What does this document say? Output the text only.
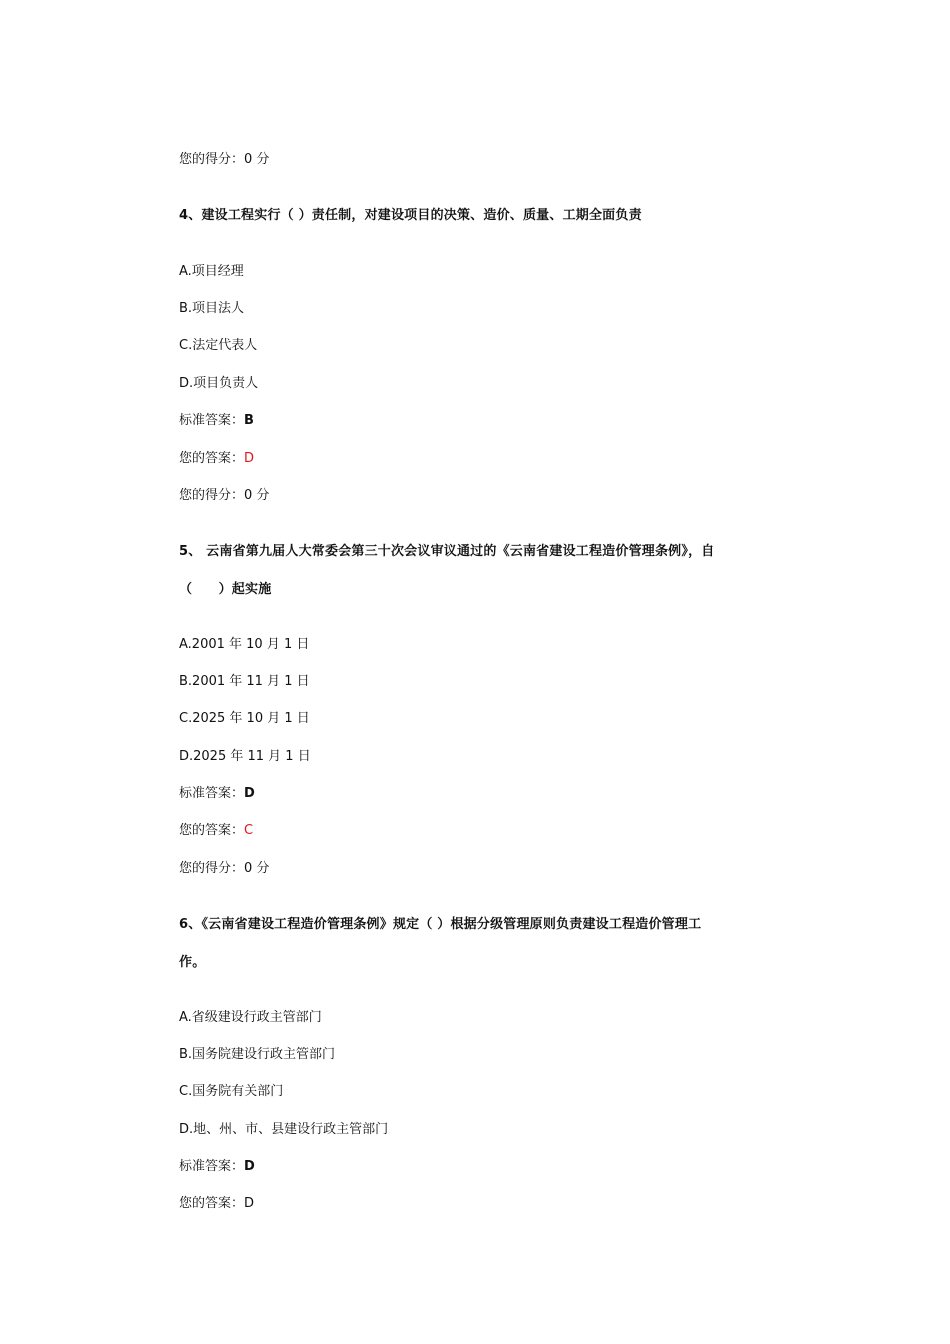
您的得分：0 分
4、建设工程实行（ ）责任制，对建设项目的决策、造价、质量、工期全面负责
A.项目经理
B.项目法人
C.法定代表人
D.项目负责人
标准答案：B
您的答案：D
您的得分：0 分
5、 云南省第九届人大常委会第三十次会议审议通过的《云南省建设工程造价管理条例》，自
（　　）起实施
A.2001 年 10 月 1 日
B.2001 年 11 月 1 日
C.2025 年 10 月 1 日
D.2025 年 11 月 1 日
标准答案：D
您的答案：C
您的得分：0 分
6、《云南省建设工程造价管理条例》规定（ ）根据分级管理原则负责建设工程造价管理工
作。
A.省级建设行政主管部门
B.国务院建设行政主管部门
C.国务院有关部门
D.地、州、市、县建设行政主管部门
标准答案：D
您的答案：D
